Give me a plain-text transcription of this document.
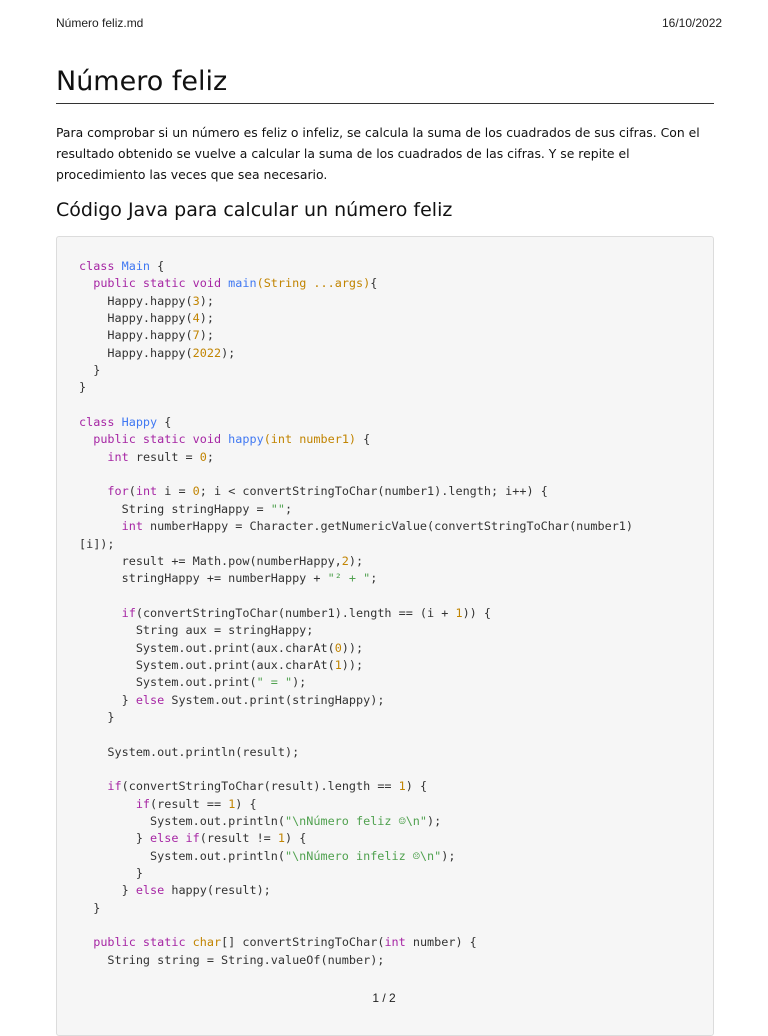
Número feliz.md	16/10/2022
Número feliz

Para comprobar si un número es feliz o infeliz, se calcula la suma de los cuadrados de sus cifras. Con el resultado obtenido se vuelve a calcular la suma de los cuadrados de las cifras. Y se repite el procedimiento las veces que sea necesario.

Código Java para calcular un número feliz
class Main {
public static void main(String ...args){
Happy.happy(3);
Happy.happy(4);
Happy.happy(7);
Happy.happy(2022);
}
}

class Happy {
public static void happy(int number1) {
int result = 0;

for(int i = 0; i < convertStringToChar(number1).length; i++) {
String stringHappy = "";
int numberHappy = Character.getNumericValue(convertStringToChar(number1)
[i]);
result += Math.pow(numberHappy,2);
stringHappy += numberHappy + "² + ";

if(convertStringToChar(number1).length == (i + 1)) {
String aux = stringHappy;
System.out.print(aux.charAt(0));
System.out.print(aux.charAt(1));
System.out.print(" = ");
} else System.out.print(stringHappy);
}

System.out.println(result);

if(convertStringToChar(result).length == 1) {
if(result == 1) {
System.out.println("\nNúmero feliz ☺\n");
} else if(result != 1) {
System.out.println("\nNúmero infeliz ☹\n");
}
} else happy(result);
}

public static char[] convertStringToChar(int number) {
String string = String.valueOf(number);
1 / 2
